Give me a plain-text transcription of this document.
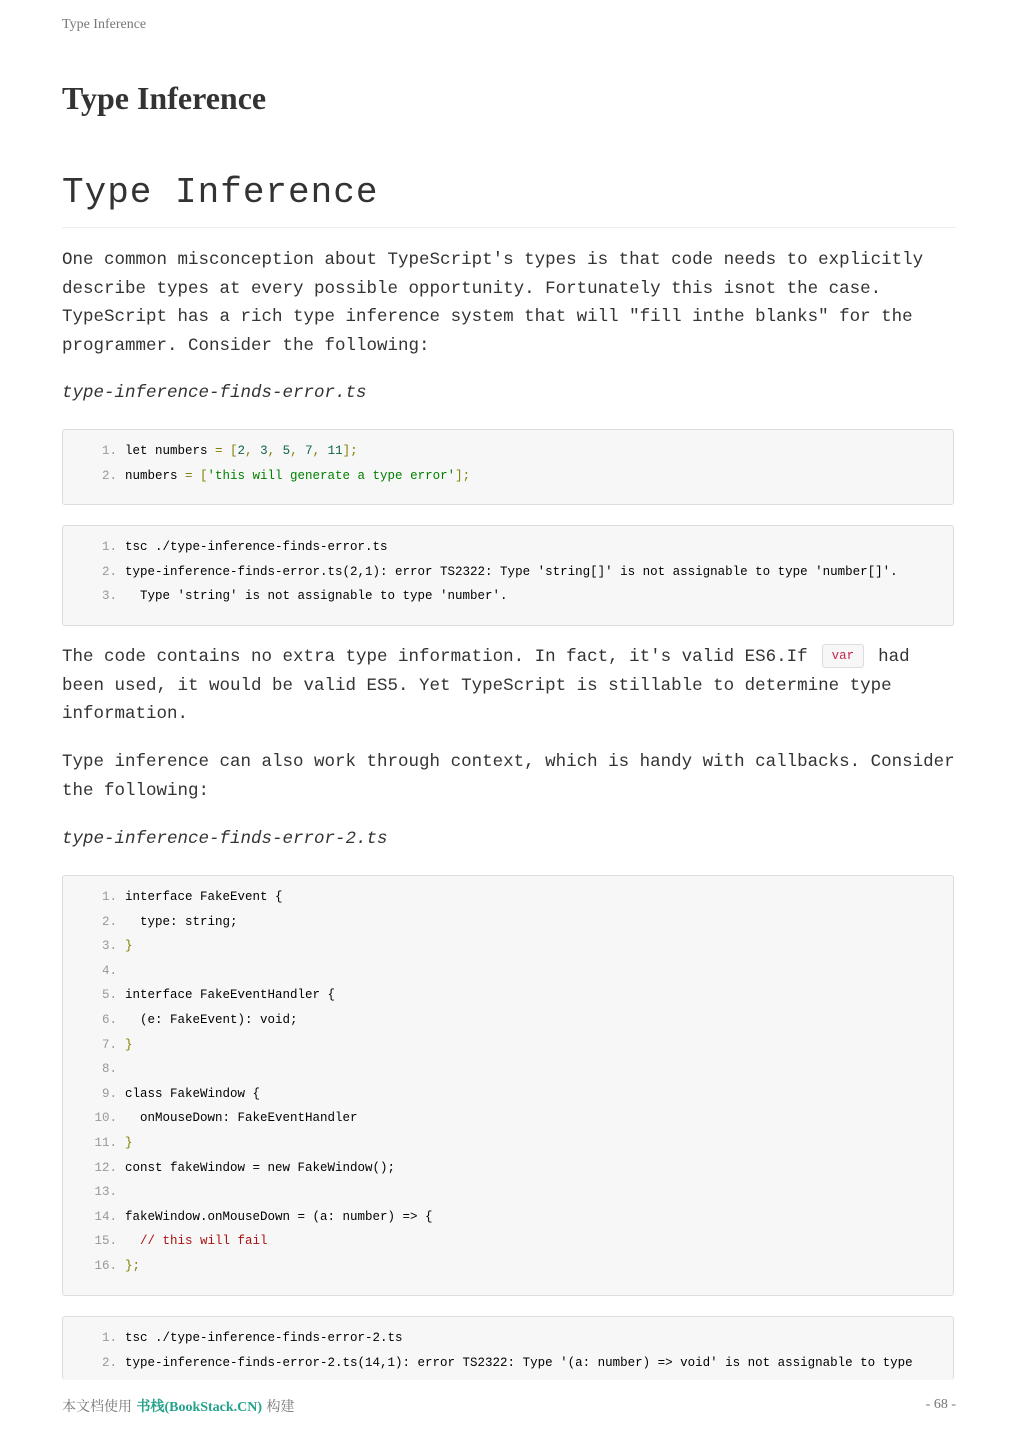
Type Inference
Type Inference
Type Inference

One common misconception about TypeScript's types is that code needs to explicitly describe types at every possible opportunity. Fortunately this isnot the case. TypeScript has a rich type inference system that will "fill inthe blanks" for the programmer. Consider the following:

type-inference-finds-error.ts

1. let numbers = [2, 3, 5, 7, 11];
2. numbers = ['this will generate a type error'];
1. tsc ./type-inference-finds-error.ts
2. type-inference-finds-error.ts(2,1): error TS2322: Type 'string[]' is not assignable to type 'number[]'.
3.  Type 'string' is not assignable to type 'number'.

The code contains no extra type information. In fact, it's valid ES6.If var had been used, it would be valid ES5. Yet TypeScript is stillable to determine type information.

Type inference can also work through context, which is handy with callbacks. Consider the following:

type-inference-finds-error-2.ts

1. interface FakeEvent {
2.  type: string;
3. }
4.
5. interface FakeEventHandler {
6.  (e: FakeEvent): void;
7. }
8.
9. class FakeWindow {
10.  onMouseDown: FakeEventHandler
11. }
12. const fakeWindow = new FakeWindow();
13.
14. fakeWindow.onMouseDown = (a: number) => {
15.  // this will fail
16. };
1. tsc ./type-inference-finds-error-2.ts
2. type-inference-finds-error-2.ts(14,1): error TS2322: Type '(a: number) => void' is not assignable to type
本文档使用 书栈(BookStack.CN) 构建	- 68 -
